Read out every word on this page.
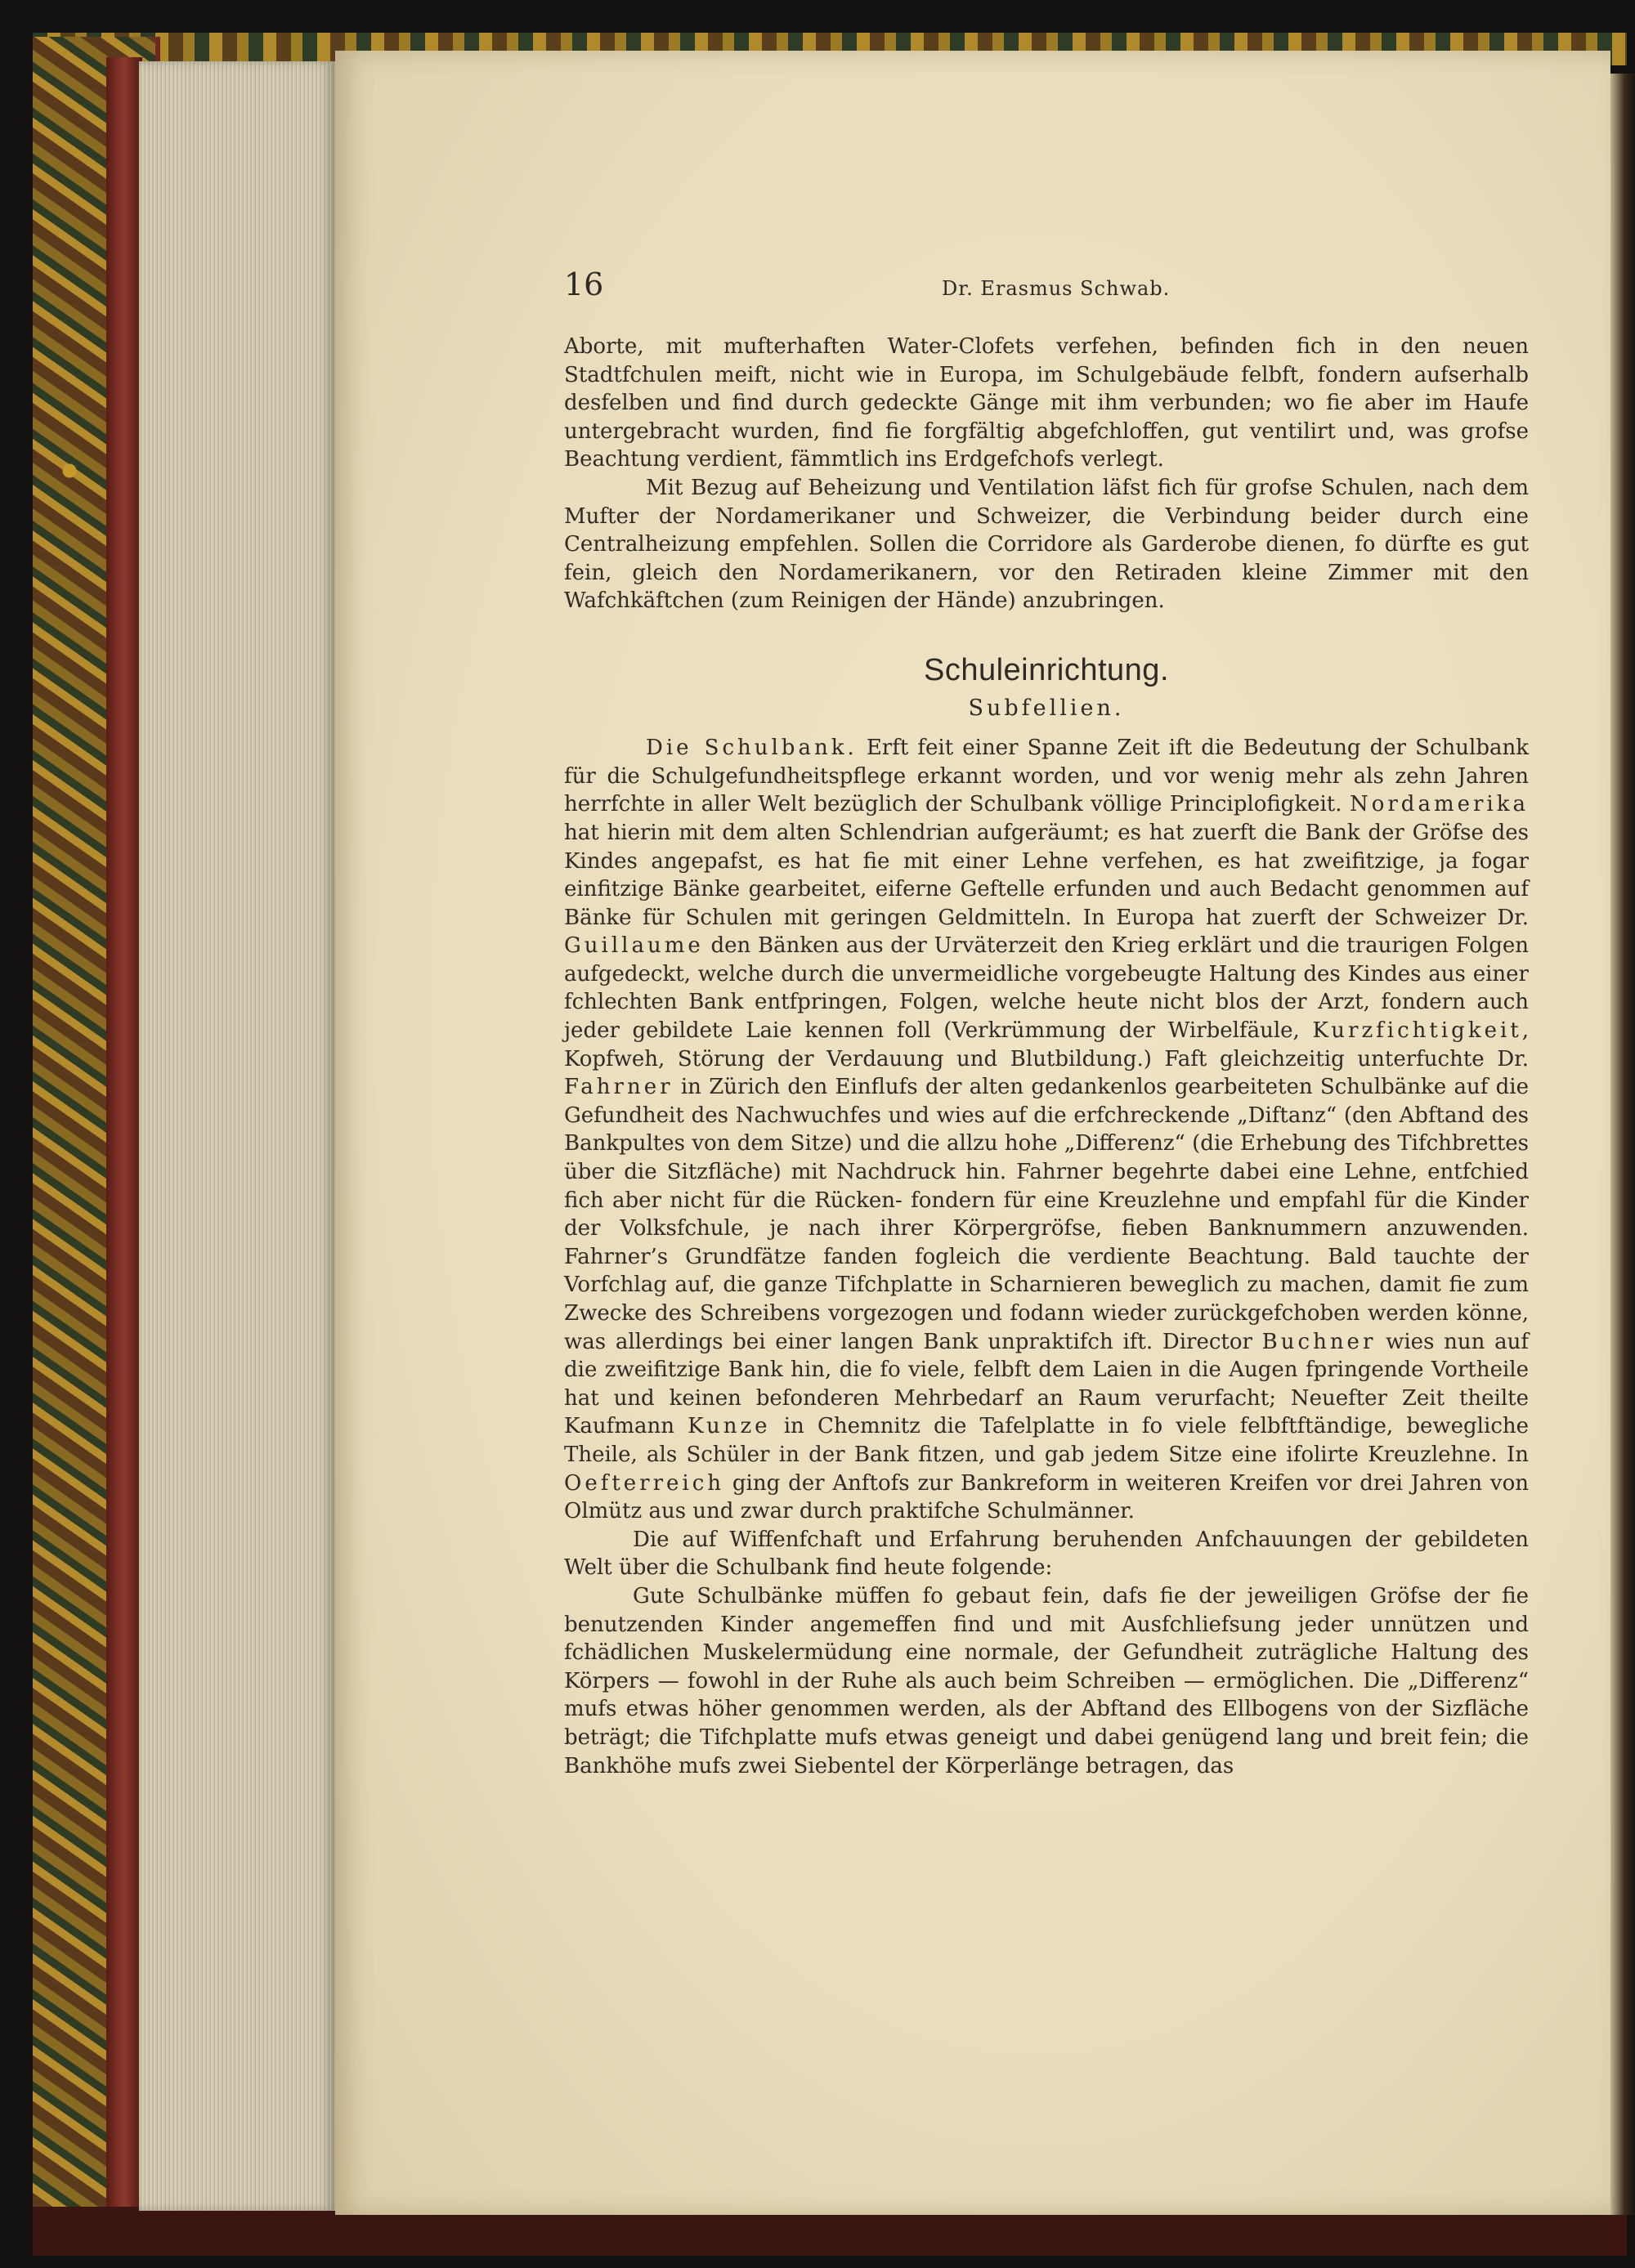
16	Dr. Erasmus Schwab.

Aborte, mit mufterhaften Water-Clofets verfehen, befinden fich in den neuen Stadtfchulen meift, nicht wie in Europa, im Schulgebäude felbft, fondern aufserhalb desfelben und find durch gedeckte Gänge mit ihm verbunden; wo fie aber im Haufe untergebracht wurden, find fie forgfältig abgefchloffen, gut ventilirt und, was grofse Beachtung verdient, fämmtlich ins Erdgefchofs verlegt.

Mit Bezug auf Beheizung und Ventilation läfst fich für grofse Schulen, nach dem Mufter der Nordamerikaner und Schweizer, die Verbindung beider durch eine Centralheizung empfehlen. Sollen die Corridore als Garderobe dienen, fo dürfte es gut fein, gleich den Nordamerikanern, vor den Retiraden kleine Zimmer mit den Wafchkäftchen (zum Reinigen der Hände) anzubringen.

Schuleinrichtung.
Subfellien.

Die Schulbank. Erft feit einer Spanne Zeit ift die Bedeutung der Schulbank für die Schulgefundheitspflege erkannt worden, und vor wenig mehr als zehn Jahren herrfchte in aller Welt bezüglich der Schulbank völlige Principlofigkeit. Nordamerika hat hierin mit dem alten Schlendrian aufgeräumt; es hat zuerft die Bank der Gröfse des Kindes angepafst, es hat fie mit einer Lehne verfehen, es hat zweifitzige, ja fogar einfitzige Bänke gearbeitet, eiferne Geftelle erfunden und auch Bedacht genommen auf Bänke für Schulen mit geringen Geldmitteln. In Europa hat zuerft der Schweizer Dr. Guillaume den Bänken aus der Urväterzeit den Krieg erklärt und die traurigen Folgen aufgedeckt, welche durch die unvermeidliche vorgebeugte Haltung des Kindes aus einer fchlechten Bank entfpringen, Folgen, welche heute nicht blos der Arzt, fondern auch jeder gebildete Laie kennen foll (Verkrümmung der Wirbelfäule, Kurzfichtigkeit, Kopfweh, Störung der Verdauung und Blutbildung.) Faft gleichzeitig unterfuchte Dr. Fahrner in Zürich den Einflufs der alten gedankenlos gearbeiteten Schulbänke auf die Gefundheit des Nachwuchfes und wies auf die erfchreckende „Diftanz“ (den Abftand des Bankpultes von dem Sitze) und die allzu hohe „Differenz“ (die Erhebung des Tifchbrettes über die Sitzfläche) mit Nachdruck hin. Fahrner begehrte dabei eine Lehne, entfchied fich aber nicht für die Rücken- fondern für eine Kreuzlehne und empfahl für die Kinder der Volksfchule, je nach ihrer Körpergröfse, fieben Banknummern anzuwenden. Fahrner’s Grundfätze fanden fogleich die verdiente Beachtung. Bald tauchte der Vorfchlag auf, die ganze Tifchplatte in Scharnieren beweglich zu machen, damit fie zum Zwecke des Schreibens vorgezogen und fodann wieder zurückgefchoben werden könne, was allerdings bei einer langen Bank unpraktifch ift. Director Buchner wies nun auf die zweifitzige Bank hin, die fo viele, felbft dem Laien in die Augen fpringende Vortheile hat und keinen befonderen Mehrbedarf an Raum verurfacht; Neuefter Zeit theilte Kaufmann Kunze in Chemnitz die Tafelplatte in fo viele felbftftändige, bewegliche Theile, als Schüler in der Bank fitzen, und gab jedem Sitze eine ifolirte Kreuzlehne. In Oefterreich ging der Anftofs zur Bankreform in weiteren Kreifen vor drei Jahren von Olmütz aus und zwar durch praktifche Schulmänner.

Die auf Wiffenfchaft und Erfahrung beruhenden Anfchauungen der gebildeten Welt über die Schulbank find heute folgende:

Gute Schulbänke müffen fo gebaut fein, dafs fie der jeweiligen Gröfse der fie benutzenden Kinder angemeffen find und mit Ausfchliefsung jeder unnützen und fchädlichen Muskelermüdung eine normale, der Gefundheit zuträgliche Haltung des Körpers — fowohl in der Ruhe als auch beim Schreiben — ermöglichen. Die „Differenz“ mufs etwas höher genommen werden, als der Abftand des Ellbogens von der Sizfläche beträgt; die Tifchplatte mufs etwas geneigt und dabei genügend lang und breit fein; die Bankhöhe mufs zwei Siebentel der Körperlänge betragen, das
